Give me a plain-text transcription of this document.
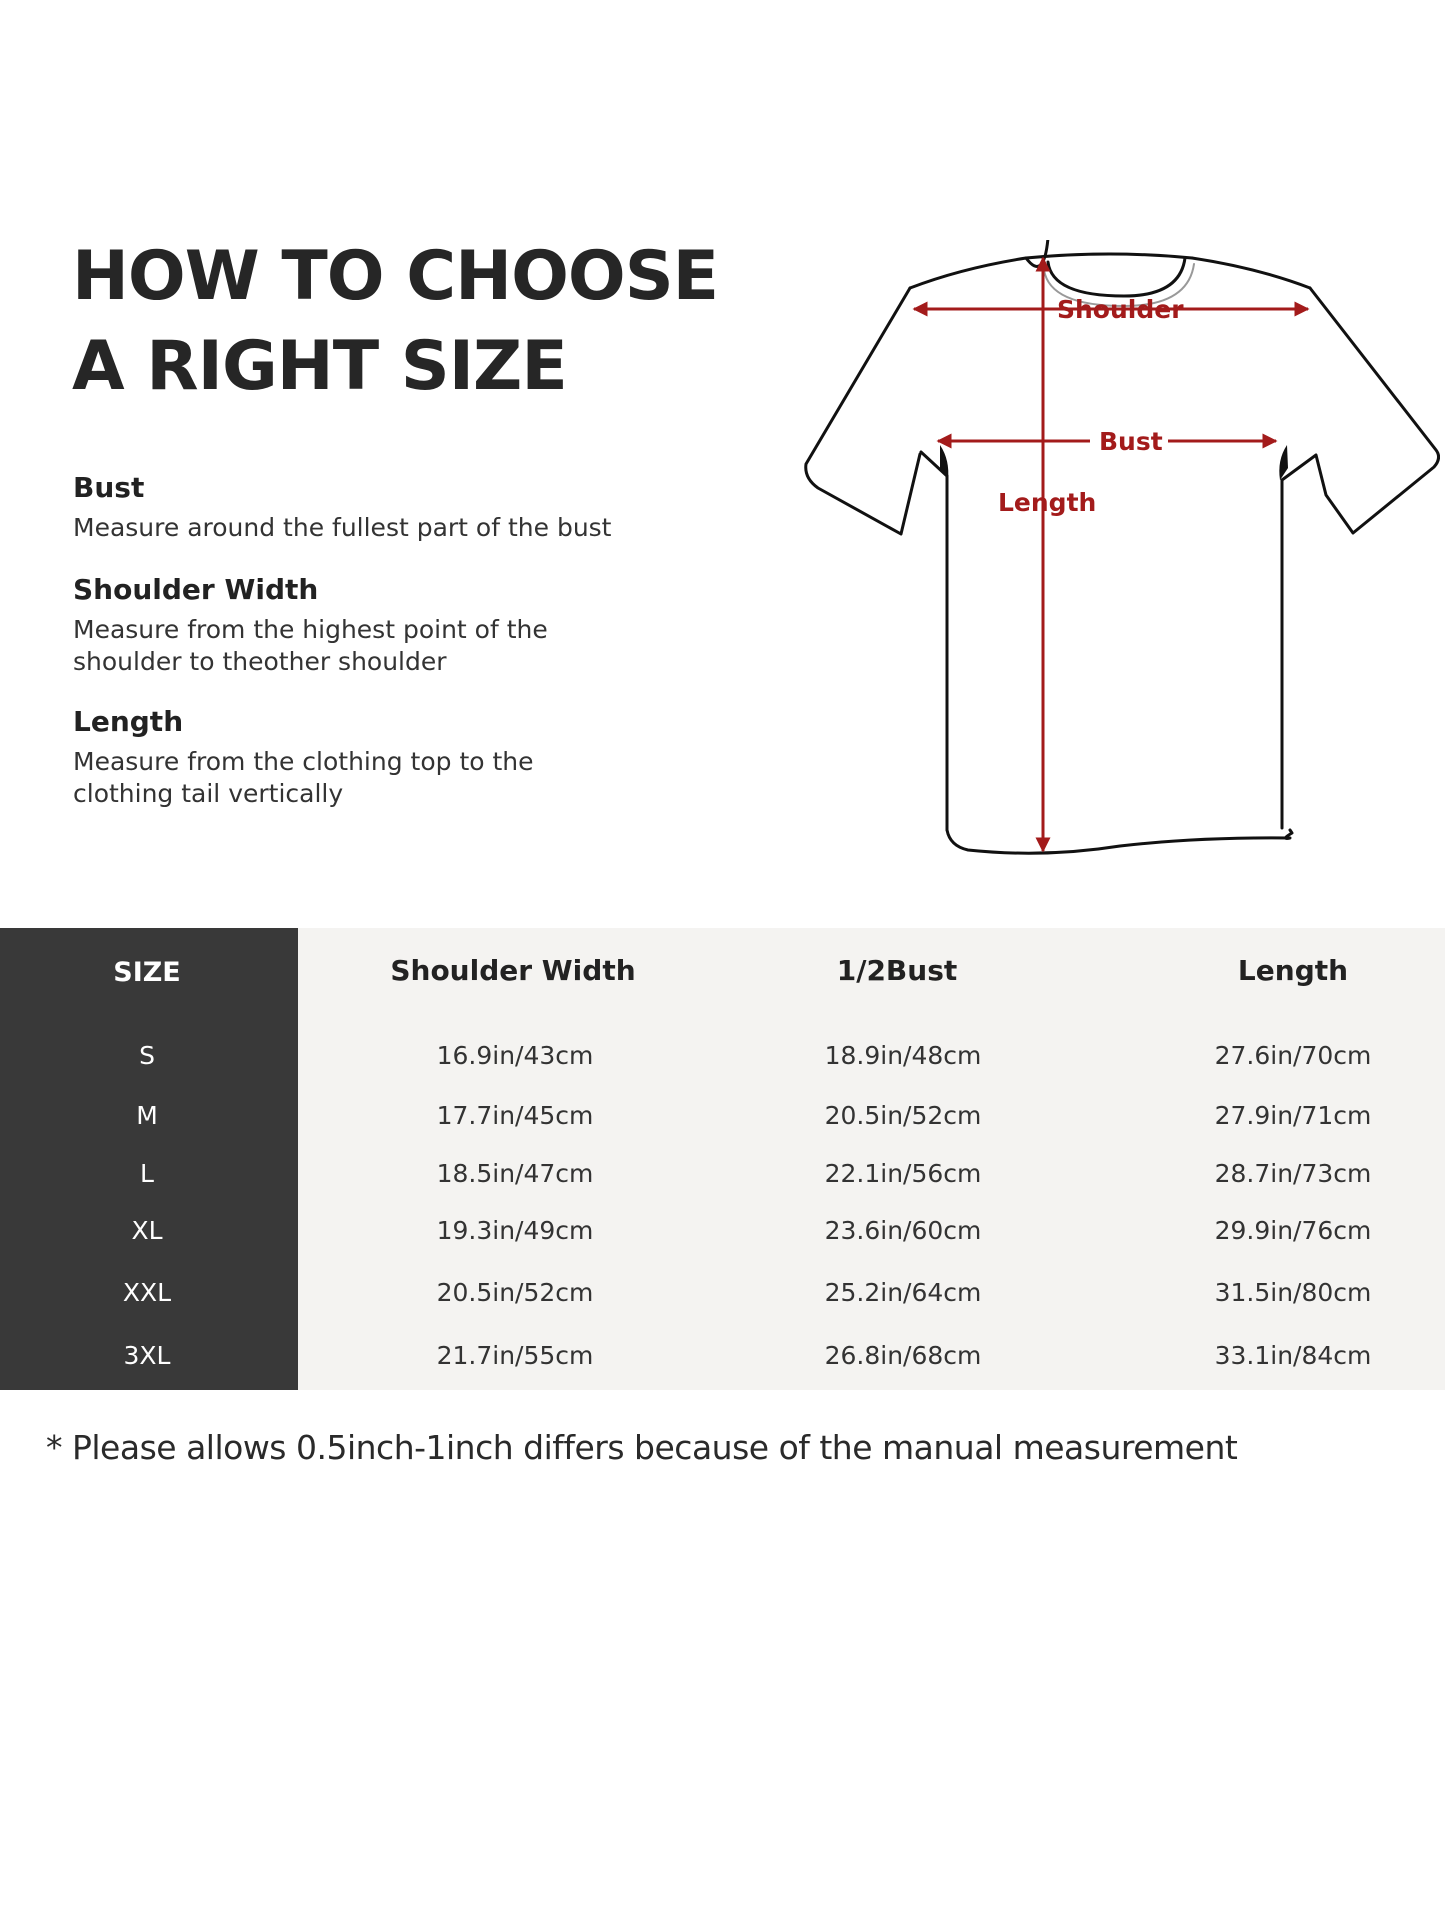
HOW TO CHOOSE
A RIGHT SIZE

Bust

Measure around the fullest part of the bust

Shoulder Width

Measure from the highest point of the
shoulder to theother shoulder

Length

Measure from the clothing top to the
clothing tail vertically

Shoulder
Bust
Length
SIZE	Shoulder Width	1/2Bust	Length
S	16.9in/43cm	18.9in/48cm	27.6in/70cm
M	17.7in/45cm	20.5in/52cm	27.9in/71cm
L	18.5in/47cm	22.1in/56cm	28.7in/73cm
XL	19.3in/49cm	23.6in/60cm	29.9in/76cm
XXL	20.5in/52cm	25.2in/64cm	31.5in/80cm
3XL	21.7in/55cm	26.8in/68cm	33.1in/84cm

* Please allows 0.5inch-1inch differs because of the manual measurement
